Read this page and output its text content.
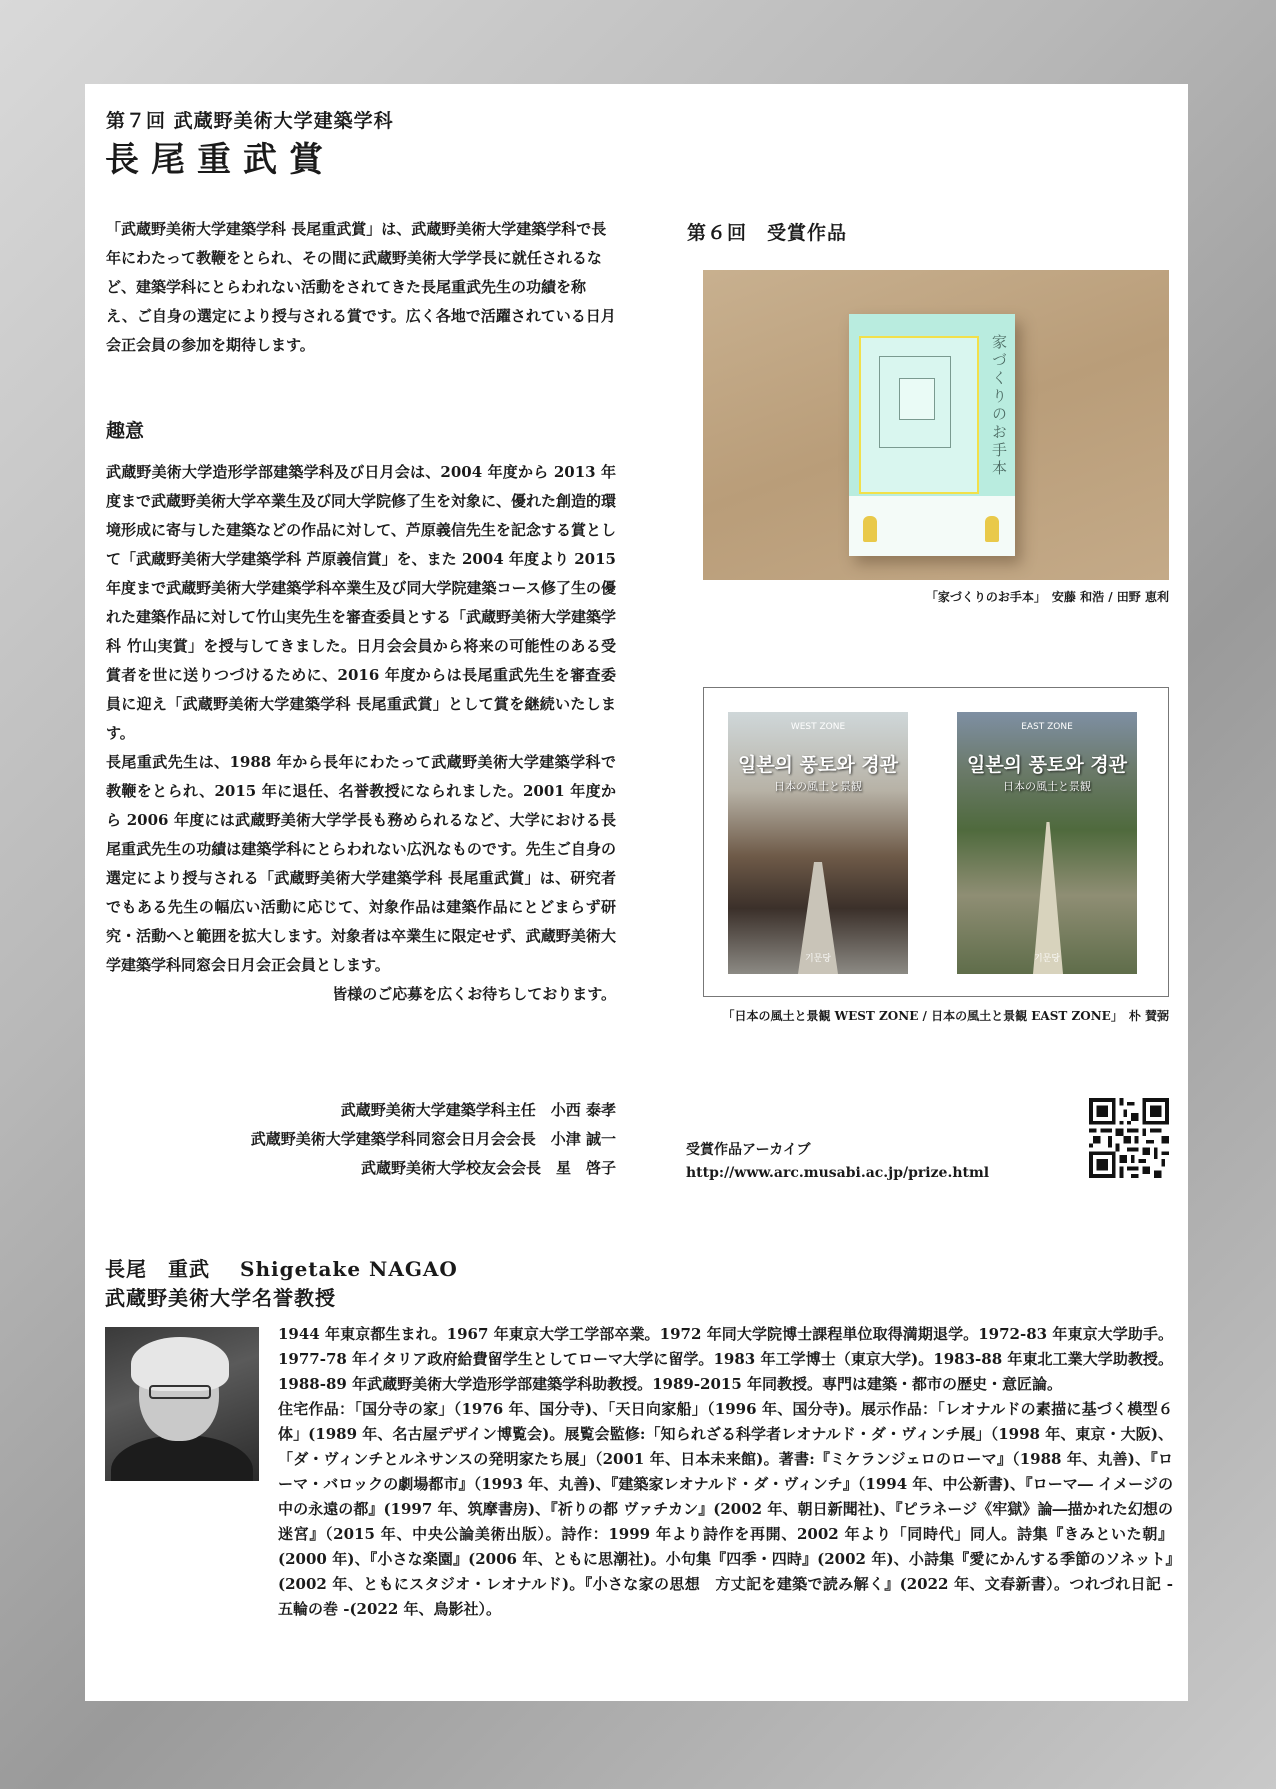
第７回 武蔵野美術大学建築学科
長尾重武賞

「武蔵野美術大学建築学科 長尾重武賞」は、武蔵野美術大学建築学科で長年にわたって教鞭をとられ、その間に武蔵野美術大学学長に就任されるなど、建築学科にとらわれない活動をされてきた長尾重武先生の功績を称え、ご自身の選定により授与される賞です。広く各地で活躍されている日月会正会員の参加を期待します。

趣意

武蔵野美術大学造形学部建築学科及び日月会は、2004 年度から 2013 年度まで武蔵野美術大学卒業生及び同大学院修了生を対象に、優れた創造的環境形成に寄与した建築などの作品に対して、芦原義信先生を記念する賞として「武蔵野美術大学建築学科 芦原義信賞」を、また 2004 年度より 2015 年度まで武蔵野美術大学建築学科卒業生及び同大学院建築コース修了生の優れた建築作品に対して竹山実先生を審査委員とする「武蔵野美術大学建築学科 竹山実賞」を授与してきました。日月会会員から将来の可能性のある受賞者を世に送りつづけるために、2016 年度からは長尾重武先生を審査委員に迎え「武蔵野美術大学建築学科 長尾重武賞」として賞を継続いたします。

長尾重武先生は、1988 年から長年にわたって武蔵野美術大学建築学科で教鞭をとられ、2015 年に退任、名誉教授になられました。2001 年度から 2006 年度には武蔵野美術大学学長も務められるなど、大学における長尾重武先生の功績は建築学科にとらわれない広汎なものです。先生ご自身の選定により授与される「武蔵野美術大学建築学科 長尾重武賞」は、研究者でもある先生の幅広い活動に応じて、対象作品は建築作品にとどまらず研究・活動へと範囲を拡大します。対象者は卒業生に限定せず、武蔵野美術大学建築学科同窓会日月会正会員とします。

皆様のご応募を広くお待ちしております。

武蔵野美術大学建築学科主任　小西 泰孝
武蔵野美術大学建築学科同窓会日月会会長　小津 誠一
武蔵野美術大学校友会会長　星　啓子
第６回　受賞作品
家づくりのお手本
「家づくりのお手本」　安藤 和浩 / 田野 恵利
WEST ZONE
일본의 풍토와 경관
日本の風土と景観
기문당
EAST ZONE
일본의 풍토와 경관
日本の風土と景観
기문당
「日本の風土と景観 WEST ZONE / 日本の風土と景観 EAST ZONE」　朴 賛弼
受賞作品アーカイブ
http://www.arc.musabi.ac.jp/prize.html
長尾　重武 Shigetake NAGAO
武蔵野美術大学名誉教授

1944 年東京都生まれ。1967 年東京大学工学部卒業。1972 年同大学院博士課程単位取得満期退学。1972-83 年東京大学助手。1977-78 年イタリア政府給費留学生としてローマ大学に留学。1983 年工学博士（東京大学)。1983-88 年東北工業大学助教授。1988-89 年武蔵野美術大学造形学部建築学科助教授。1989-2015 年同教授。専門は建築・都市の歴史・意匠論。

住宅作品：「国分寺の家」（1976 年、国分寺)、「天日向家船」（1996 年、国分寺)。展示作品：「レオナルドの素描に基づく模型６体」(1989 年、名古屋デザイン博覧会)。展覧会監修:「知られざる科学者レオナルド・ダ・ヴィンチ展」（1998 年、東京・大阪)、「ダ・ヴィンチとルネサンスの発明家たち展」（2001 年、日本未来館)。著書:『ミケランジェロのローマ』（1988 年、丸善)、『ローマ・バロックの劇場都市』（1993 年、丸善)、『建築家レオナルド・ダ・ヴィンチ』（1994 年、中公新書)、『ローマ― イメージの中の永遠の都』(1997 年、筑摩書房)、『祈りの都 ヴァチカン』(2002 年、朝日新聞社)、『ピラネージ《牢獄》論―描かれた幻想の迷宮』（2015 年、中央公論美術出版）。詩作：1999 年より詩作を再開、2002 年より「同時代」同人。詩集『きみといた朝』(2000 年)、『小さな楽園』(2006 年、ともに思潮社)。小句集『四季・四時』(2002 年)、小詩集『愛にかんする季節のソネット』(2002 年、ともにスタジオ・レオナルド)。『小さな家の思想　方丈記を建築で読み解く』(2022 年、文春新書）。つれづれ日記 - 五輪の巻 -(2022 年、鳥影社）。
